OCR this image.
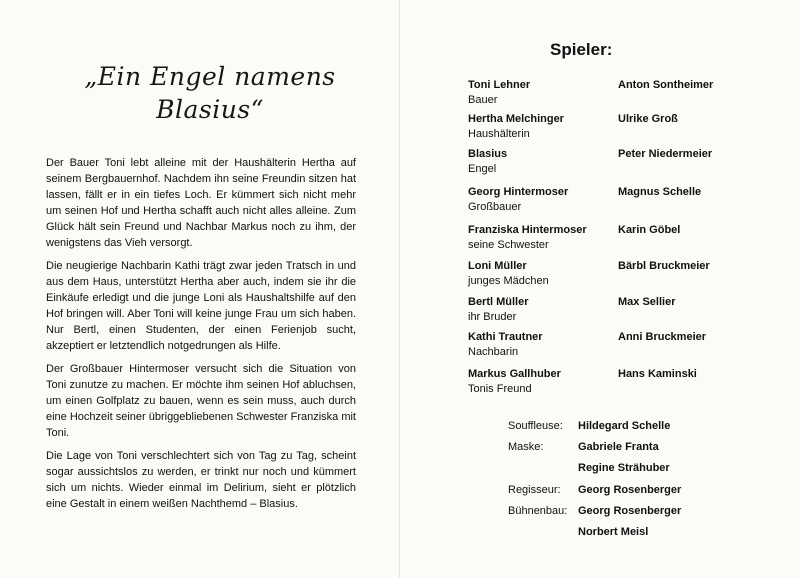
„Ein Engel namens Blasius“

Der Bauer Toni lebt alleine mit der Haushälterin Hertha auf seinem Bergbauernhof. Nachdem ihn seine Freundin sitzen hat lassen, fällt er in ein tiefes Loch. Er kümmert sich nicht mehr um seinen Hof und Hertha schafft auch nicht alles alleine. Zum Glück hält sein Freund und Nachbar Markus noch zu ihm, der wenigstens das Vieh versorgt.

Die neugierige Nachbarin Kathi trägt zwar jeden Tratsch in und aus dem Haus, unterstützt Hertha aber auch, indem sie ihr die Einkäufe erledigt und die junge Loni als Haushaltshilfe auf den Hof bringen will. Aber Toni will keine junge Frau um sich haben. Nur Bertl, einen Studenten, der einen Ferienjob sucht, akzeptiert er letztendlich notgedrungen als Hilfe.

Der Großbauer Hintermoser versucht sich die Situation von Toni zunutze zu machen. Er möchte ihm seinen Hof abluchsen, um einen Golfplatz zu bauen, wenn es sein muss, auch durch eine Hochzeit seiner übriggebliebenen Schwester Franziska mit Toni.

Die Lage von Toni verschlechtert sich von Tag zu Tag, scheint sogar aussichtslos zu werden, er trinkt nur noch und kümmert sich um nichts. Wieder einmal im Delirium, sieht er plötzlich eine Gestalt in einem weißen Nachthemd – Blasius.

Spieler:
Toni Lehner
Bauer
Anton Sontheimer
Hertha Melchinger
Haushälterin
Ulrike Groß
Blasius
Engel
Peter Niedermeier
Georg Hintermoser
Großbauer
Magnus Schelle
Franziska Hintermoser
seine Schwester
Karin Göbel
Loni Müller
junges Mädchen
Bärbl Bruckmeier
Bertl Müller
ihr Bruder
Max Sellier
Kathi Trautner
Nachbarin
Anni Bruckmeier
Markus Gallhuber
Tonis Freund
Hans Kaminski
Souffleuse: Hildegard Schelle
Maske:	Gabriele Franta
Regine Strähuber
Regisseur: Georg Rosenberger
Bühnenbau: Georg Rosenberger
Norbert Meisl
